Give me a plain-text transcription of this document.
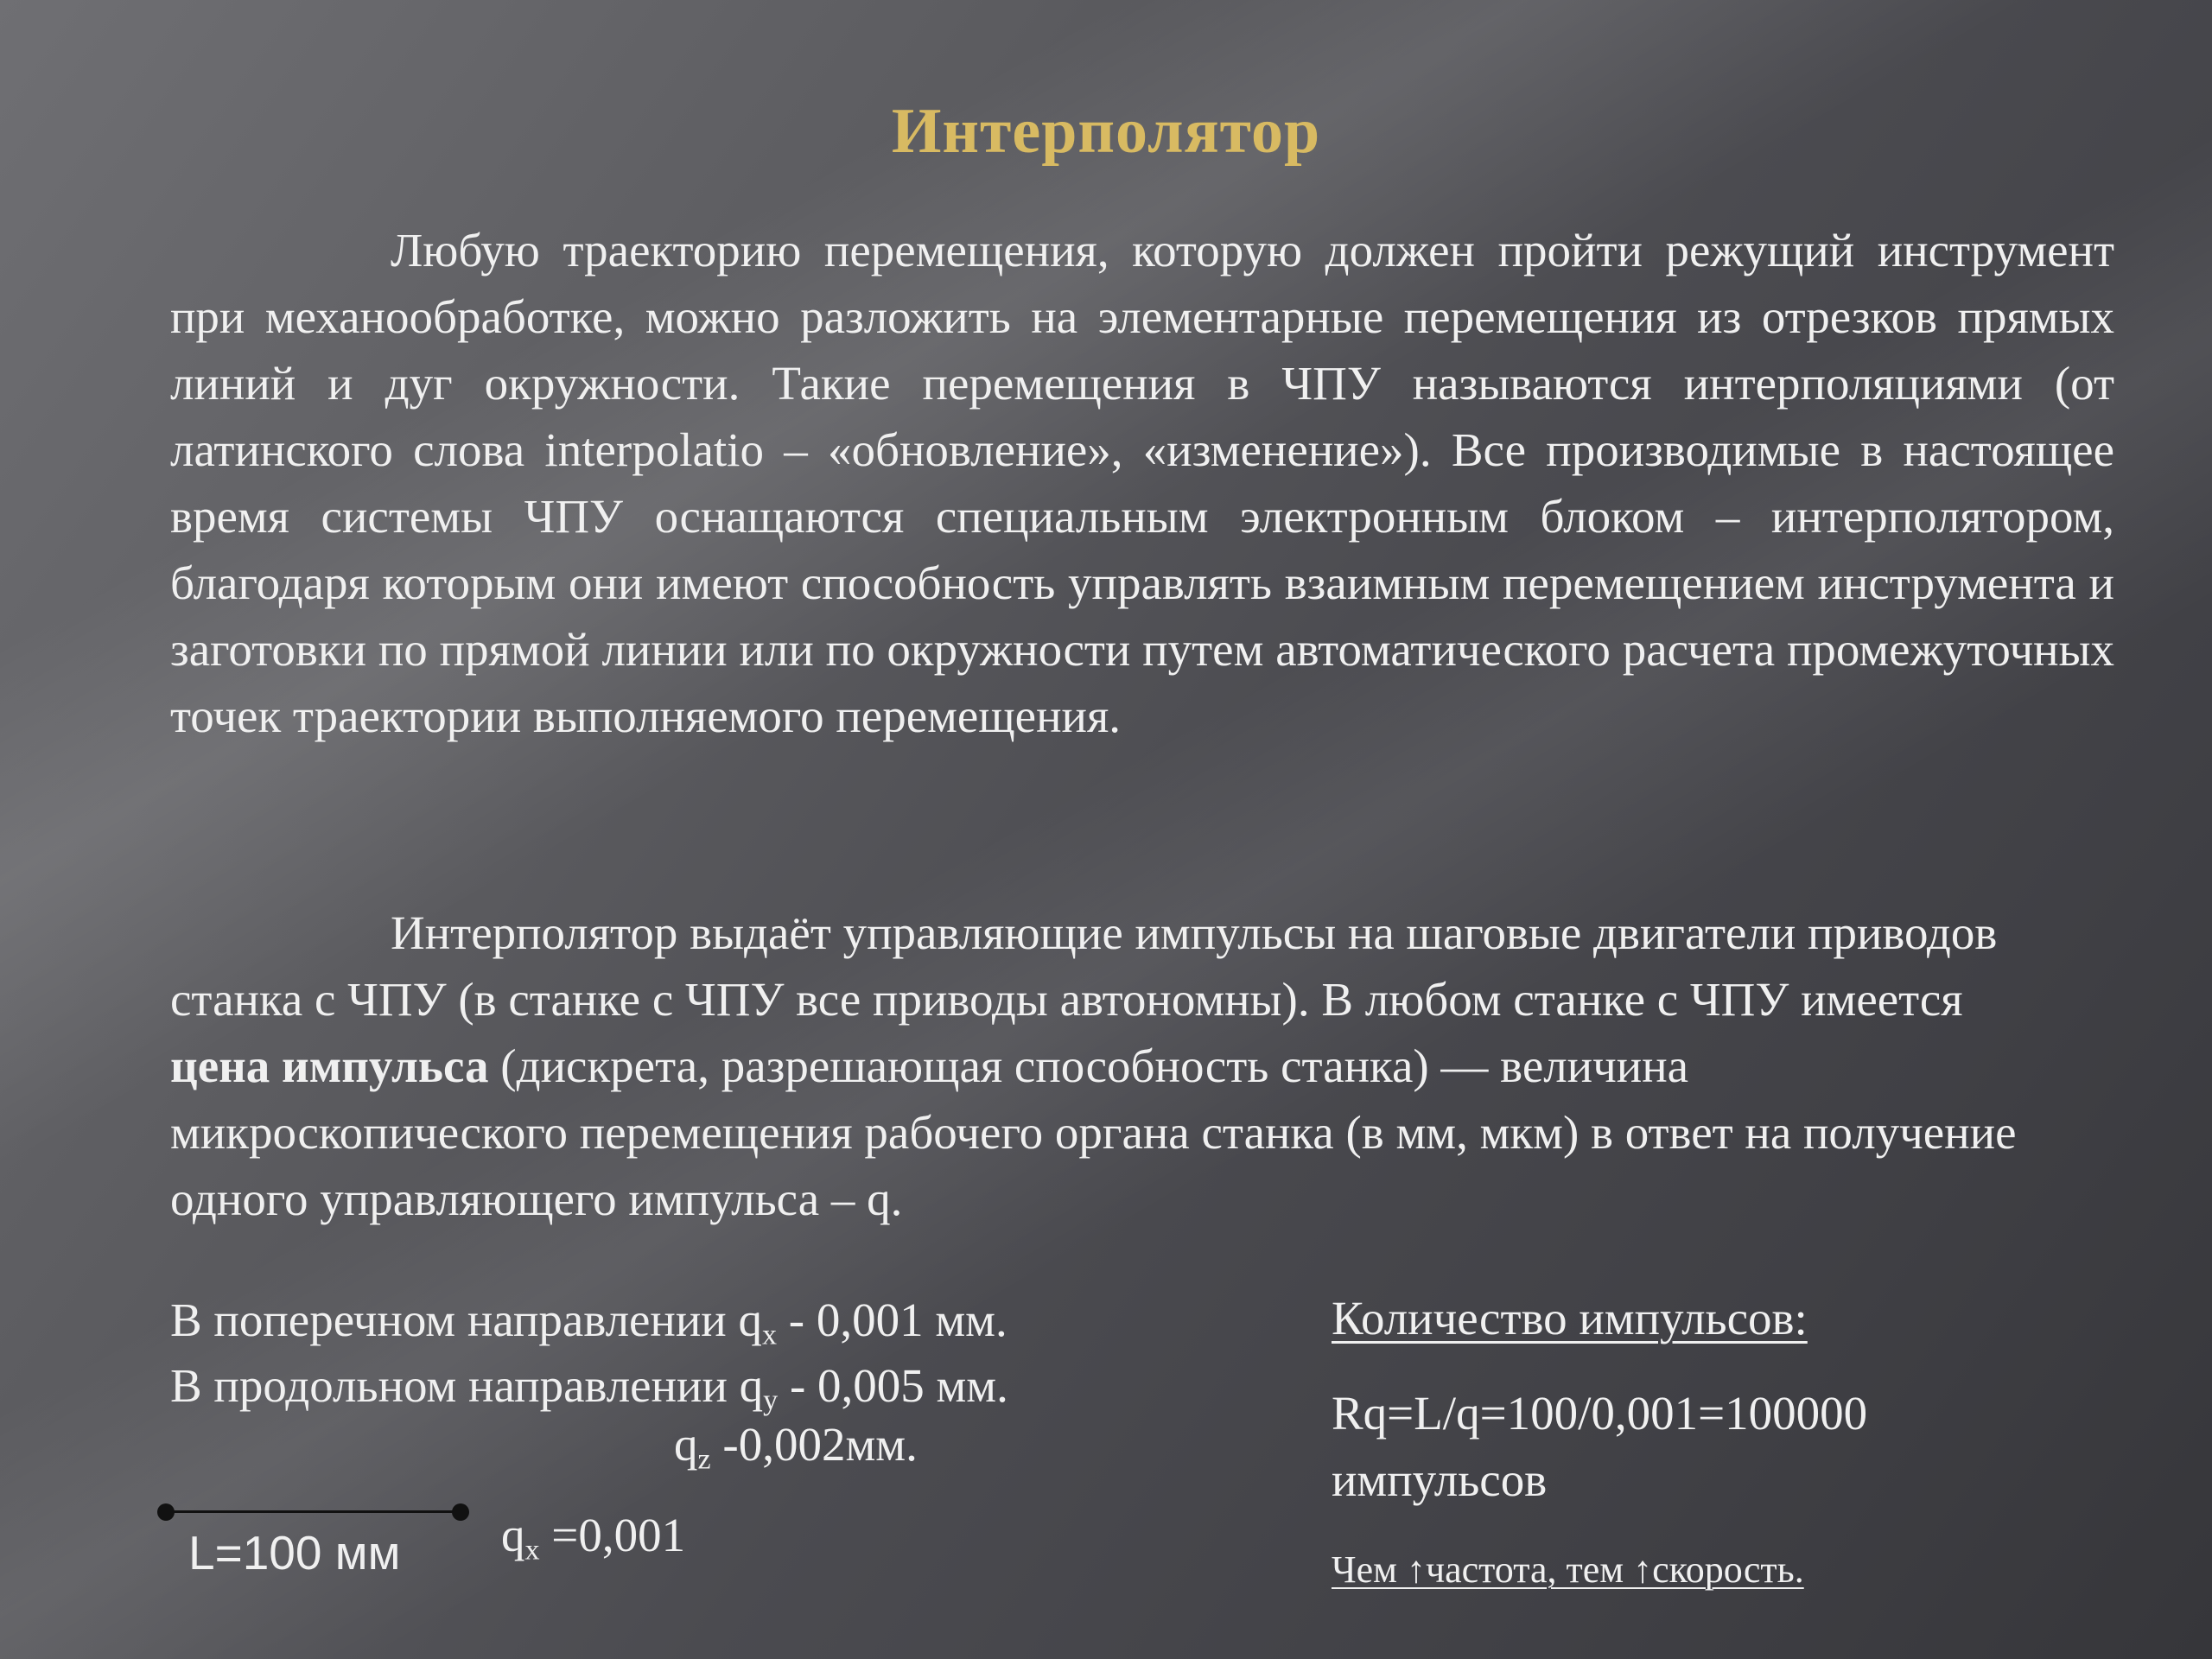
Интерполятор

Любую траекторию перемещения, которую должен пройти режущий инструмент при механообработке, можно разложить на элементарные перемещения из отрезков прямых линий и дуг окружности. Такие перемещения в ЧПУ называются интерполяциями (от латинского слова interpolatio – «обновление», «изменение»). Все производимые в настоящее время системы ЧПУ оснащаются специальным электронным блоком – интерполятором, благодаря которым они имеют способность управлять взаимным перемещением инструмента и заготовки по прямой линии или по окружности путем автоматического расчета промежуточных точек траектории выполняемого перемещения.

Интерполятор выдаёт управляющие импульсы на шаговые двигатели приводов станка с ЧПУ (в станке с ЧПУ все приводы автономны). В любом станке с ЧПУ имеется цена импульса (дискрета, разрешающая способность станка) — величина микроскопического перемещения рабочего органа станка (в мм, мкм) в ответ на получение одного управляющего импульса – q.

В поперечном направлении $q_x - 0,001$ мм.
В продольном направлении $q_y - 0,005$ мм.
$q_z$ -0,002мм.
L=100 мм $q_x =0,001$
Количество импульсов:
Rq=L/q=100/0,001=100000
импульсов
Чем ↑частота, тем ↑скорость.
